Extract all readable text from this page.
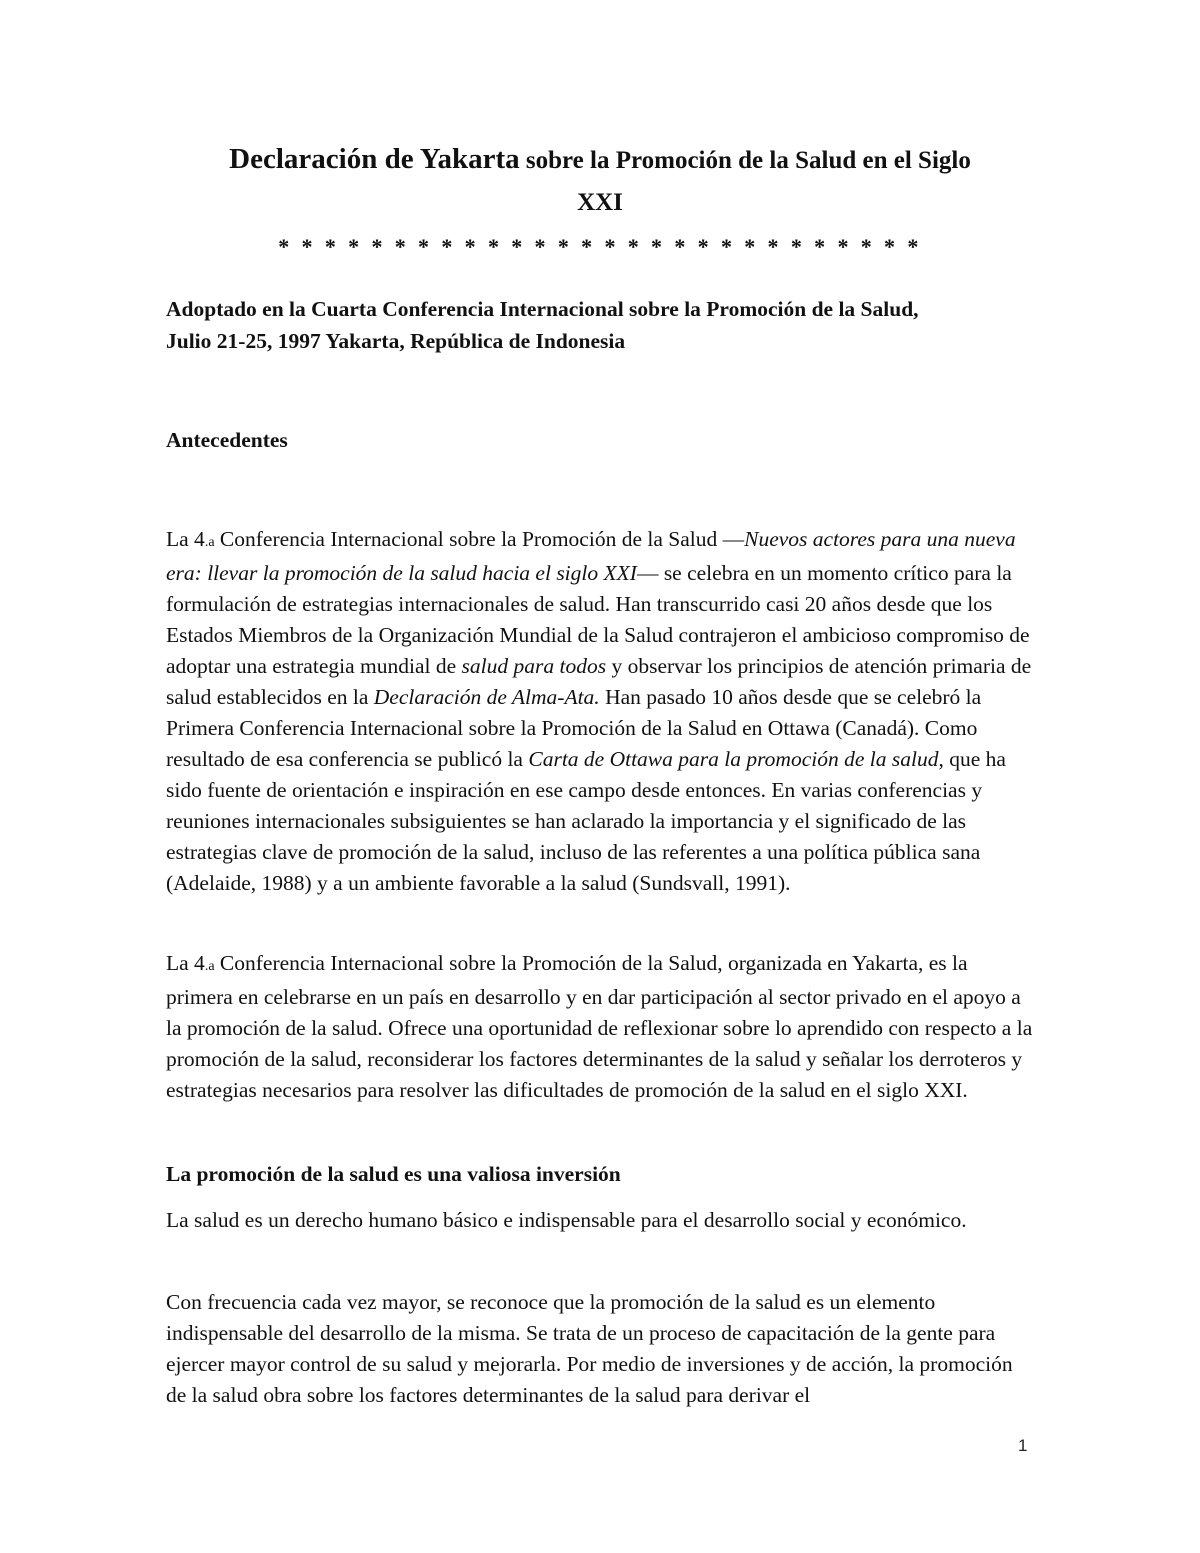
Declaración de Yakarta sobre la Promoción de la Salud en el Siglo
XXI

* * * * * * * * * * * * * * * * * * * * * * * * * * * *

Adoptado en la Cuarta Conferencia Internacional sobre la Promoción de la Salud,
Julio 21-25, 1997 Yakarta, República de Indonesia

Antecedentes

La 4.a Conferencia Internacional sobre la Promoción de la Salud —Nuevos actores para una nueva era: llevar la promoción de la salud hacia el siglo XXI— se celebra en un momento crítico para la formulación de estrategias internacionales de salud. Han transcurrido casi 20 años desde que los Estados Miembros de la Organización Mundial de la Salud contrajeron el ambicioso compromiso de adoptar una estrategia mundial de salud para todos y observar los principios de atención primaria de salud establecidos en la Declaración de Alma-Ata. Han pasado 10 años desde que se celebró la Primera Conferencia Internacional sobre la Promoción de la Salud en Ottawa (Canadá). Como resultado de esa conferencia se publicó la Carta de Ottawa para la promoción de la salud, que ha sido fuente de orientación e inspiración en ese campo desde entonces. En varias conferencias y reuniones internacionales subsiguientes se han aclarado la importancia y el significado de las estrategias clave de promoción de la salud, incluso de las referentes a una política pública sana (Adelaide, 1988) y a un ambiente favorable a la salud (Sundsvall, 1991).

La 4.a Conferencia Internacional sobre la Promoción de la Salud, organizada en Yakarta, es la primera en celebrarse en un país en desarrollo y en dar participación al sector privado en el apoyo a la promoción de la salud. Ofrece una oportunidad de reflexionar sobre lo aprendido con respecto a la promoción de la salud, reconsiderar los factores determinantes de la salud y señalar los derroteros y estrategias necesarios para resolver las dificultades de promoción de la salud en el siglo XXI.

La promoción de la salud es una valiosa inversión

La salud es un derecho humano básico e indispensable para el desarrollo social y económico.

Con frecuencia cada vez mayor, se reconoce que la promoción de la salud es un elemento indispensable del desarrollo de la misma. Se trata de un proceso de capacitación de la gente para ejercer mayor control de su salud y mejorarla. Por medio de inversiones y de acción, la promoción de la salud obra sobre los factores determinantes de la salud para derivar el

1
